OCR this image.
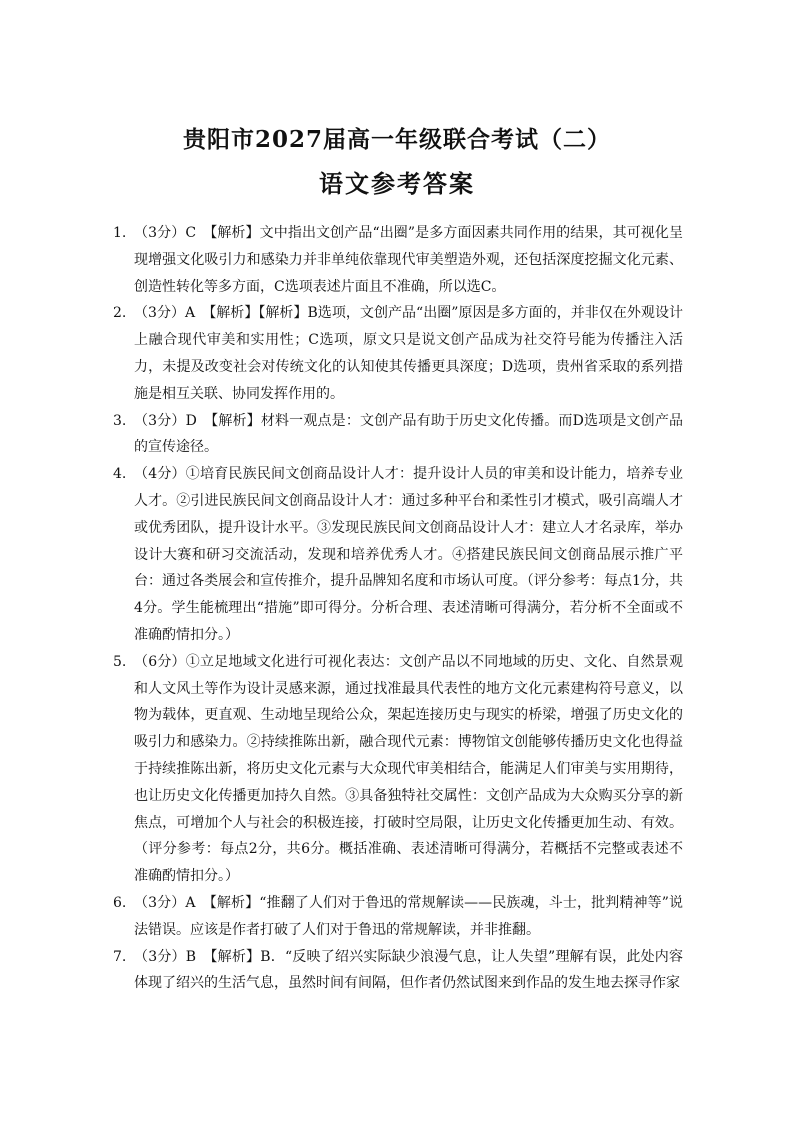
贵阳市2027届高一年级联合考试（二）
语文参考答案
1. （3分）C　【解析】文中指出文创产品“出圈”是多方面因素共同作用的结果，其可视化呈现增强文化吸引力和感染力并非单纯依靠现代审美塑造外观，还包括深度挖掘文化元素、创造性转化等多方面，C选项表述片面且不准确，所以选C。
2. （3分）A　【解析】【解析】B选项，文创产品“出圈”原因是多方面的，并非仅在外观设计上融合现代审美和实用性；C选项，原文只是说文创产品成为社交符号能为传播注入活力，未提及改变社会对传统文化的认知使其传播更具深度；D选项，贵州省采取的系列措施是相互关联、协同发挥作用的。
3. （3分）D　【解析】材料一观点是：文创产品有助于历史文化传播。而D选项是文创产品的宣传途径。
4. （4分）①培育民族民间文创商品设计人才：提升设计人员的审美和设计能力，培养专业人才。②引进民族民间文创商品设计人才：通过多种平台和柔性引才模式，吸引高端人才或优秀团队，提升设计水平。③发现民族民间文创商品设计人才：建立人才名录库，举办设计大赛和研习交流活动，发现和培养优秀人才。④搭建民族民间文创商品展示推广平台：通过各类展会和宣传推介，提升品牌知名度和市场认可度。（评分参考：每点1分，共4分。学生能梳理出“措施”即可得分。分析合理、表述清晰可得满分，若分析不全面或不准确酌情扣分。）
5. （6分）①立足地域文化进行可视化表达：文创产品以不同地域的历史、文化、自然景观和人文风土等作为设计灵感来源，通过找准最具代表性的地方文化元素建构符号意义，以物为载体，更直观、生动地呈现给公众，架起连接历史与现实的桥梁，增强了历史文化的吸引力和感染力。②持续推陈出新，融合现代元素：博物馆文创能够传播历史文化也得益于持续推陈出新，将历史文化元素与大众现代审美相结合，能满足人们审美与实用期待，也让历史文化传播更加持久自然。③具备独特社交属性：文创产品成为大众购买分享的新焦点，可增加个人与社会的积极连接，打破时空局限，让历史文化传播更加生动、有效。（评分参考：每点2分，共6分。概括准确、表述清晰可得满分，若概括不完整或表述不准确酌情扣分。）
6. （3分）A　【解析】“推翻了人们对于鲁迅的常规解读——民族魂，斗士，批判精神等”说法错误。应该是作者打破了人们对于鲁迅的常规解读，并非推翻。
7. （3分）B　【解析】B．“反映了绍兴实际缺少浪漫气息，让人失望”理解有误，此处内容体现了绍兴的生活气息，虽然时间有间隔，但作者仍然试图来到作品的发生地去探寻作家
